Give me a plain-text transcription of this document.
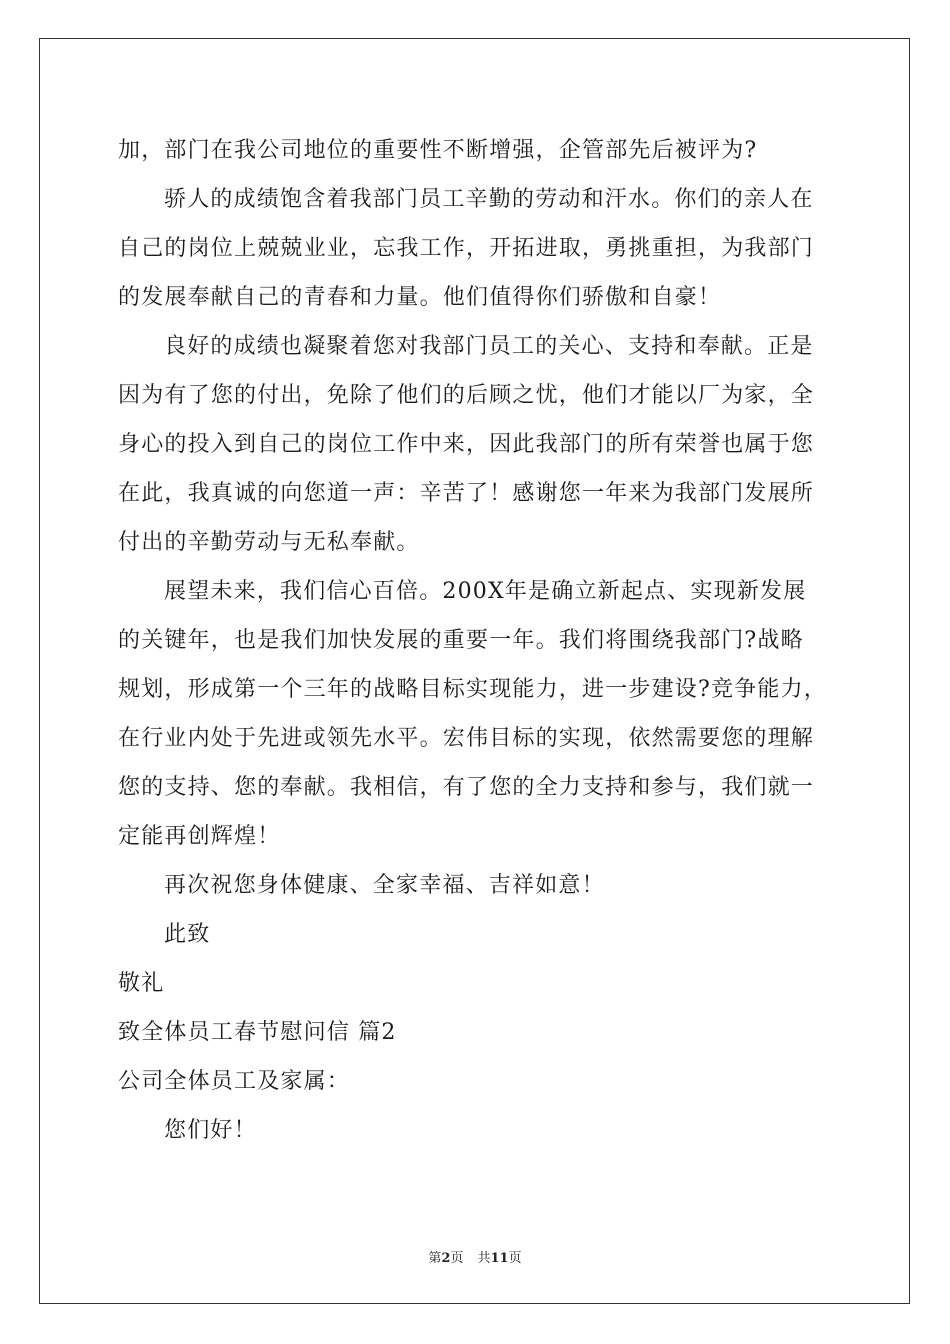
加，部门在我公司地位的重要性不断增强，企管部先后被评为?
骄人的成绩饱含着我部门员工辛勤的劳动和汗水。你们的亲人在
自己的岗位上兢兢业业，忘我工作，开拓进取，勇挑重担，为我部门
的发展奉献自己的青春和力量。他们值得你们骄傲和自豪！
良好的成绩也凝聚着您对我部门员工的关心、支持和奉献。正是
因为有了您的付出，免除了他们的后顾之忧，他们才能以厂为家，全
身心的投入到自己的岗位工作中来，因此我部门的所有荣誉也属于您
在此，我真诚的向您道一声：辛苦了！感谢您一年来为我部门发展所
付出的辛勤劳动与无私奉献。
展望未来，我们信心百倍。200X年是确立新起点、实现新发展
的关键年，也是我们加快发展的重要一年。我们将围绕我部门?战略
规划，形成第一个三年的战略目标实现能力，进一步建设?竞争能力，
在行业内处于先进或领先水平。宏伟目标的实现，依然需要您的理解
您的支持、您的奉献。我相信，有了您的全力支持和参与，我们就一
定能再创辉煌！
再次祝您身体健康、全家幸福、吉祥如意！
此致
敬礼
致全体员工春节慰问信 篇2
公司全体员工及家属：
您们好！
第2页 共11页
